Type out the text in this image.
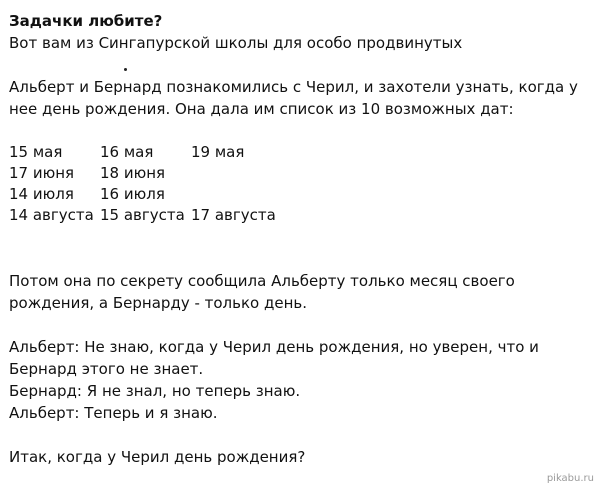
Задачки любите?

Вот вам из Сингапурской школы для особо продвинутых

Альберт и Бернард познакомились с Черил, и захотели узнать, когда у

нее день рождения. Она дала им список из 10 возможных дат:

15 мая	16 мая	19 мая
17 июня	18 июня
14 июля	16 июля
14 августа 15 августа 17 августа

Потом она по секрету сообщила Альберту только месяц своего

рождения, а Бернарду - только день.

Альберт: Не знаю, когда у Черил день рождения, но уверен, что и

Бернард этого не знает.

Бернард: Я не знал, но теперь знаю.

Альберт: Теперь и я знаю.

Итак, когда у Черил день рождения?

pikabu.ru
